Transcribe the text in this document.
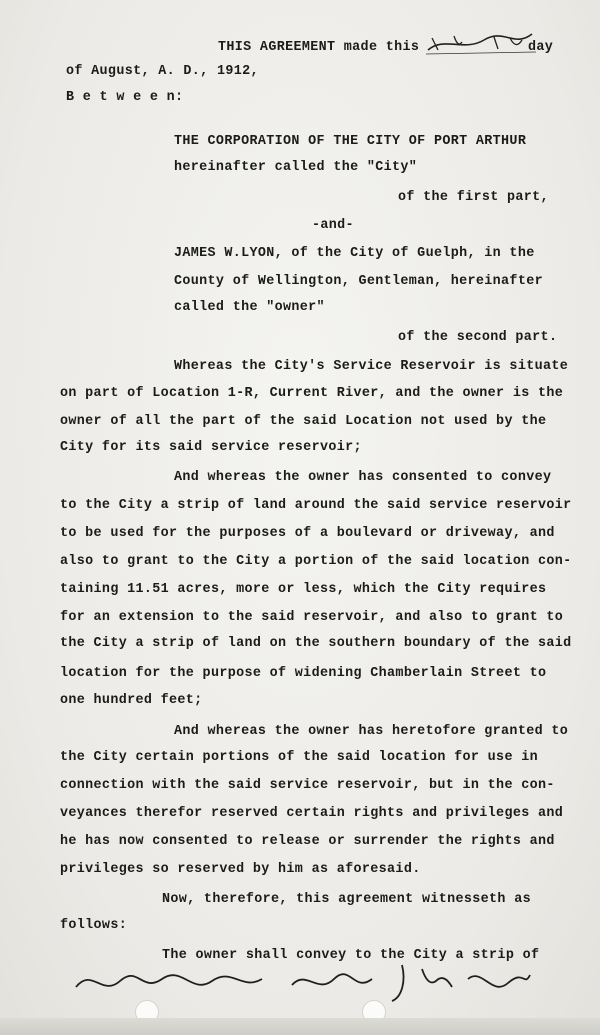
THIS AGREEMENT made this	day
of August, A. D., 1912,
B e t w e e n:
THE CORPORATION OF THE CITY OF PORT ARTHUR
hereinafter called the "City"
of the first part,
-and-
JAMES W.LYON, of the City of Guelph, in the
County of Wellington, Gentleman, hereinafter
called the "owner"
of the second part.
Whereas the City's Service Reservoir is situate
on part of Location 1-R, Current River, and the owner is the
owner of all the part of the said Location not used by the
City for its said service reservoir;
And whereas the owner has consented to convey
to the City a strip of land around the said service reservoir
to be used for the purposes of a boulevard or driveway, and
also to grant to the City a portion of the said location con-
taining 11.51 acres, more or less, which the City requires
for an extension to the said reservoir, and also to grant to
the City a strip of land on the southern boundary of the said
location for the purpose of widening Chamberlain Street to
one hundred feet;
And whereas the owner has heretofore granted to
the City certain portions of the said location for use in
connection with the said service reservoir, but in the con-
veyances therefor reserved certain rights and privileges and
he has now consented to release or surrender the rights and
privileges so reserved by him as aforesaid.
Now, therefore, this agreement witnesseth as
follows:
The owner shall convey to the City a strip of
